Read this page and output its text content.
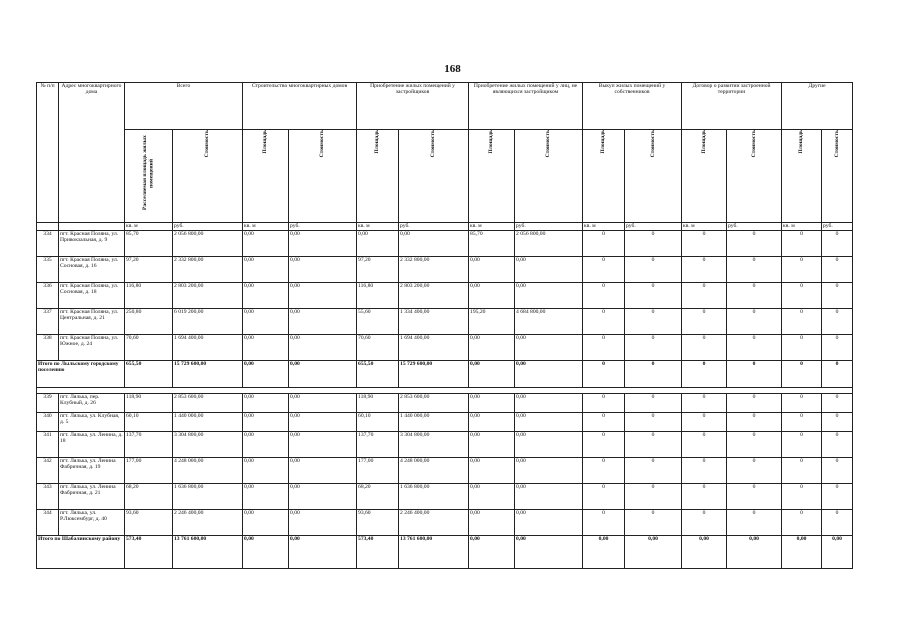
168
№ п/п	Адрес многоквартирного дома	Всего		Строительство многоквартирных домов		Приобретение жилых помещений у застройщиков		Приобретение жилых помещений у лиц, не являющихся застройщиком		Выкуп жилых помещений у собственников		Договор о развитии застроенной территории		Другие	
		Расселяемая площадь жилых помещений	Стоимость	Площадь	Стоимость	Площадь	Стоимость	Площадь	Стоимость	Площадь	Стоимость	Площадь	Стоимость	Площадь	Стоимость
		кв. м	руб.	кв. м	руб.	кв. м	руб.	кв. м	руб.	кв. м	руб.	кв. м	руб.	кв. м	руб.
334	пгт. Красная Поляна, ул. Привокзальная, д. 9	85,70	2 056 800,00	0,00	0,00	0,00	0,00	85,70	2 056 800,00	0	0	0	0	0	0
335	пгт. Красная Поляна, ул. Сосновая, д. 16	97,20	2 332 800,00	0,00	0,00	97,20	2 332 800,00	0,00	0,00	0	0	0	0	0	0
336	пгт. Красная Поляна, ул. Сосновая, д. 18	116,80	2 803 200,00	0,00	0,00	116,80	2 803 200,00	0,00	0,00	0	0	0	0	0	0
337	пгт. Красная Поляна, ул. Центральная, д. 21	250,80	6 019 200,00	0,00	0,00	55,60	1 334 400,00	195,20	4 684 800,00	0	0	0	0	0	0
338	пгт. Красная Поляна, ул. Южное, д. 24	70,60	1 694 400,00	0,00	0,00	70,60	1 694 400,00	0,00	0,00	0	0	0	0	0	0
Итого по Лыльскому городскому поселению		655,50	15 729 600,00	0,00	0,00	655,50	15 729 600,00	0,00	0,00	0	0	0	0	0	0

339	пгт. Лялька, пер. Клубный, д. 26	118,90	2 853 600,00	0,00	0,00	118,90	2 853 600,00	0,00	0,00	0	0	0	0	0	0
340	пгт. Лялька, ул. Клубная, д. 5	60,10	1 440 000,00	0,00	0,00	60,10	1 440 000,00	0,00	0,00	0	0	0	0	0	0
341	пгт. Лялька, ул. Ленина, д. 18	137,70	3 304 800,00	0,00	0,00	137,70	3 304 800,00	0,00	0,00	0	0	0	0	0	0
342	пгт. Лялька, ул. Ленина Фабричная, д. 19	177,00	4 248 000,00	0,00	0,00	177,00	4 248 000,00	0,00	0,00	0	0	0	0	0	0
343	пгт. Лялька, ул. Ленина Фабричная, д. 21	68,20	1 636 800,00	0,00	0,00	68,20	1 636 800,00	0,00	0,00	0	0	0	0	0	0
344	пгт. Лялька, ул. Р.Люксембург, д. 40	93,60	2 246 400,00	0,00	0,00	93,60	2 246 400,00	0,00	0,00	0	0	0	0	0	0
Итого по Шабалинскому району		573,40	13 761 600,00	0,00	0,00	573,40	13 761 600,00	0,00	0,00	0,00	0,00	0,00	0,00	0,00	0,00
